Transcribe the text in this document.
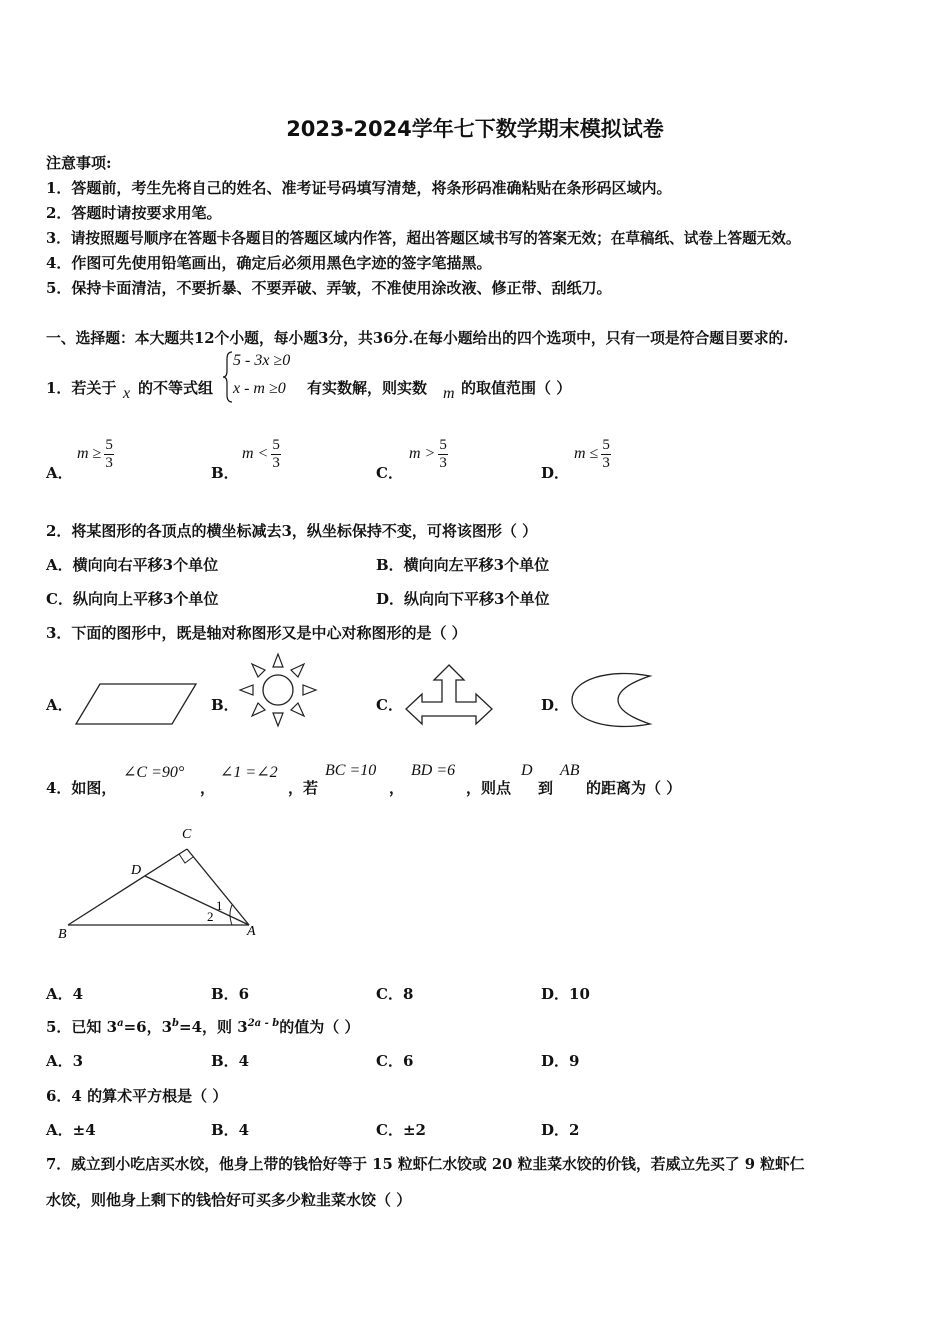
2023-2024学年七下数学期末模拟试卷
注意事项:
1．答题前，考生先将自己的姓名、准考证号码填写清楚，将条形码准确粘贴在条形码区域内。
2．答题时请按要求用笔。
3．请按照题号顺序在答题卡各题目的答题区域内作答，超出答题区域书写的答案无效；在草稿纸、试卷上答题无效。
4．作图可先使用铅笔画出，确定后必须用黑色字迹的签字笔描黑。
5．保持卡面清洁，不要折暴、不要弄破、弄皱，不准使用涂改液、修正带、刮纸刀。
一、选择题：本大题共12个小题，每小题3分，共36分.在每小题给出的四个选项中，只有一项是符合题目要求的.
1．若关于 x 的不等式组
5 - 3x ≥0
x - m ≥0 有实数解，则实数 m 的取值范围（ ）
A．
$m \ge \frac{5}{3}$
B．
$m < \frac{5}{3}$
C．
$m > \frac{5}{3}$
D．
$m \le \frac{5}{3}$
2．将某图形的各顶点的横坐标减去3，纵坐标保持不变，可将该图形（ ）
A．横向向右平移3个单位	B．横向向左平移3个单位
C．纵向向上平移3个单位	D．纵向向下平移3个单位
3．下面的图形中，既是轴对称图形又是中心对称图形的是（ ）
A．	B．	C．	D．
4．如图，
∠C =90°
，
∠1 =∠2
，若
BC =10
，
BD =6
，则点
D
到
AB
的距离为（ ）
C
D
B	A
1
2
A．4	B．6	C．8	D．10
5．已知 $3^a=6$，$3^b=4$，则 $3^{2a - b}$的值为（ ）
A．3	B．4	C．6	D．9
6．4 的算术平方根是（ ）
A．±4	B．4	C．±2	D．2
7．威立到小吃店买水饺，他身上带的钱恰好等于 15 粒虾仁水饺或 20 粒韭菜水饺的价钱，若威立先买了 9 粒虾仁
水饺，则他身上剩下的钱恰好可买多少粒韭菜水饺（ ）
